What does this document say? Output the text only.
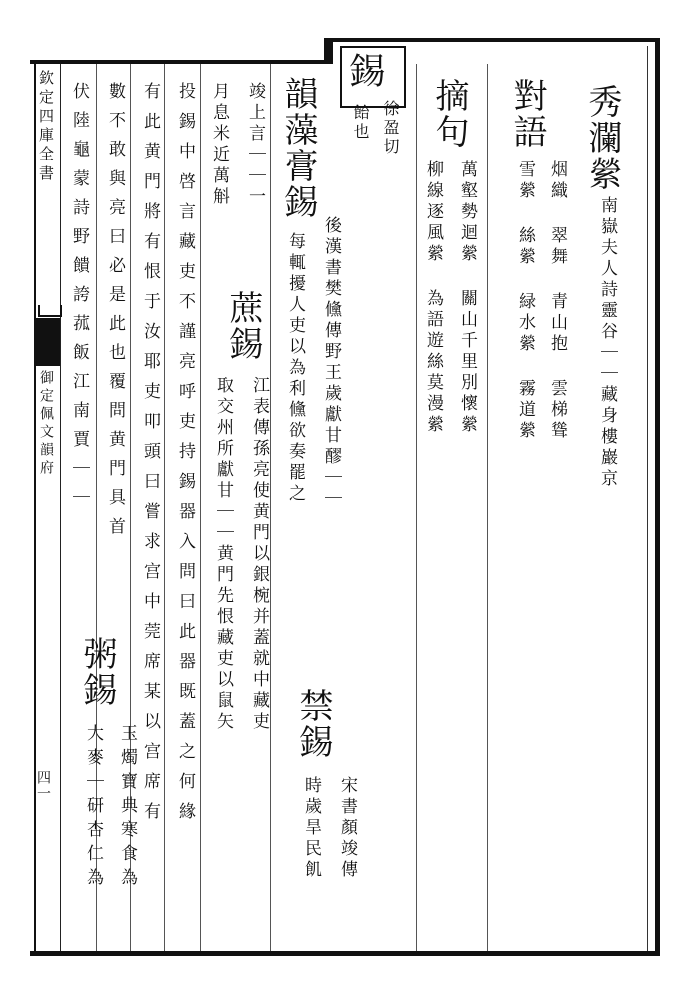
欽定四庫全書
御定佩文韻府
四一
錫
徐盈切
飴也	秀瀾縈
南嶽夫人詩靈谷｜｜藏身樓巖京
對語
烟織 翠舞 青山抱 雲梯聳
雪縈 絲縈 緑水縈 霧道縈
摘句
萬壑勢迴縈 關山千里別懷縈
柳線逐風縈 為語遊絲莫漫縈
韻藻膏錫
後漢書樊儵傳野王歲獻甘醪｜｜
每輒擾人吏以為利儵欲奏罷之
禁錫
宋書顏竣傳
時歲旱民飢
竣上言｜｜一
月息米近萬斛
蔗錫
江表傳孫亮使黄門以銀椀并蓋就中藏吏
取交州所獻甘｜｜黄門先恨藏吏以鼠矢
投錫中啓言藏吏不謹亮呼吏持錫器入問曰此器既蓋之何緣
有此黄門將有恨于汝耶吏叩頭曰嘗求宫中莞席某以宫席有
數不敢與亮曰必是此也覆問黄門具首
粥錫
玉燭寶典寒食為
大麥｜研杏仁為
伏陸龜蒙詩野饋誇菰飯江南賈｜｜
